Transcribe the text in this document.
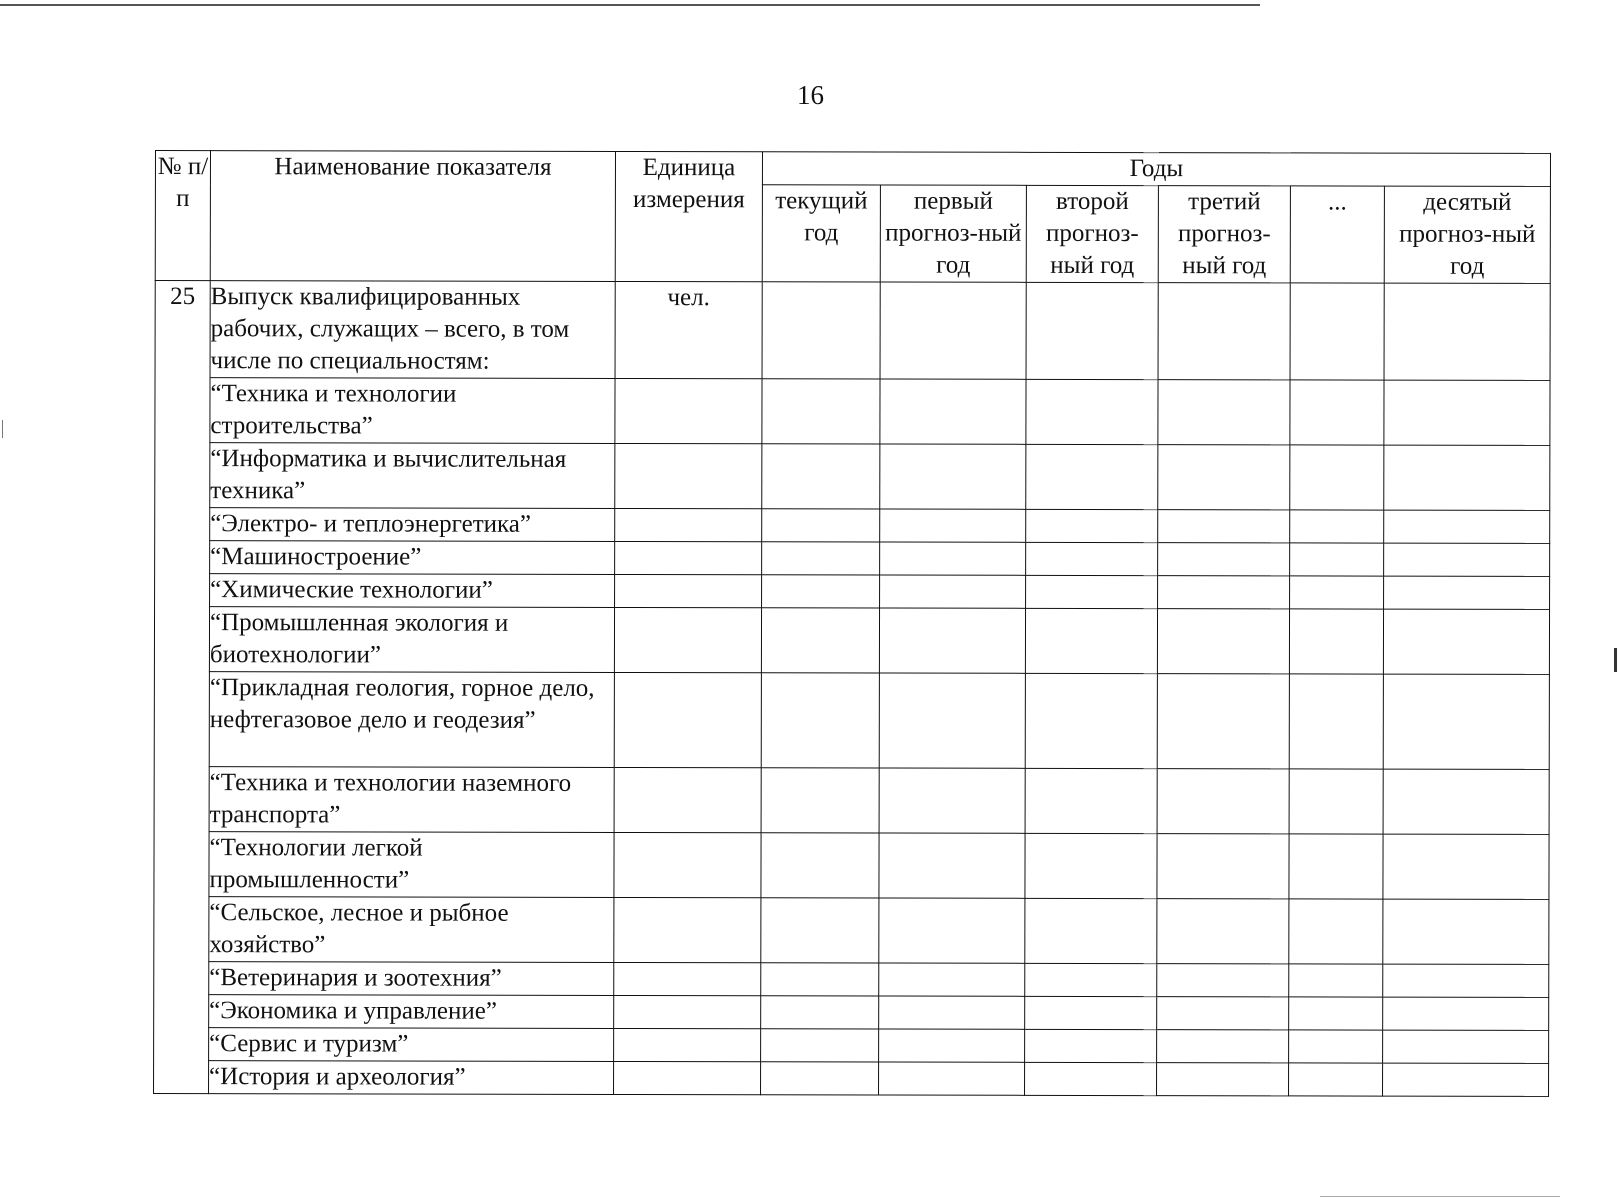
16
№ п/п	Наименование показателя	Единица измерения	Годы					
			текущий год	первый прогноз-ный год	второй прогноз-ный год	третий прогноз-ный год	...	десятый прогноз-ный год
25	Выпуск квалифицированных рабочих, служащих – всего, в том числе по специальностям:	чел.						
	“Техника и технологии строительства”							
	“Информатика и вычислительная техника”							
	“Электро- и теплоэнергетика”							
	“Машиностроение”							
	“Химические технологии”							
	“Промышленная экология и биотехнологии”							
	“Прикладная геология, горное дело, нефтегазовое дело и геодезия”							
	“Техника и технологии наземного транспорта”							
	“Технологии легкой промышленности”							
	“Сельское, лесное и рыбное хозяйство”							
	“Ветеринария и зоотехния”							
	“Экономика и управление”							
	“Сервис и туризм”							
	“История и археология”							
